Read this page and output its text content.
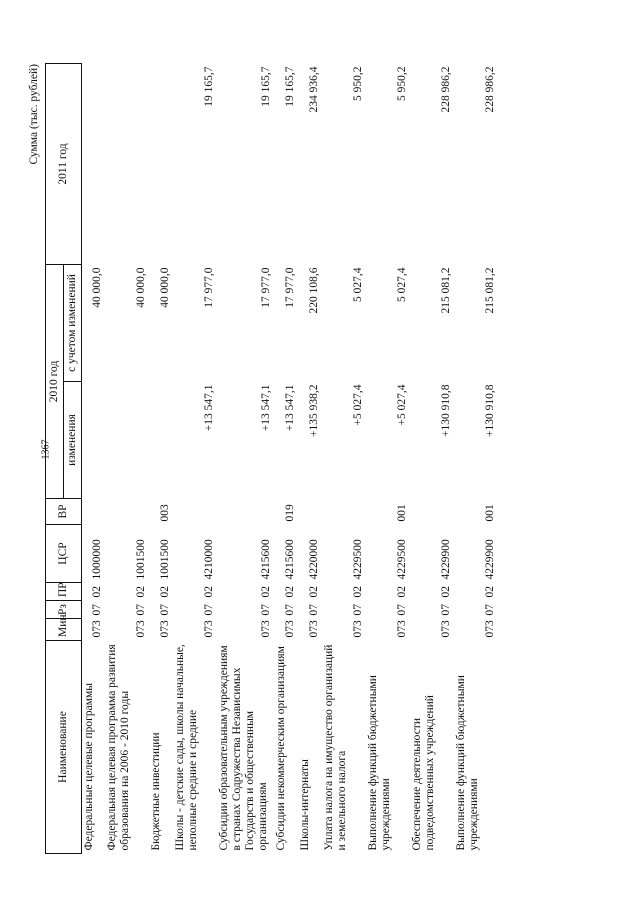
1367
Сумма (тыс. рублей)
Наименование	Мин	Рз	ПР	ЦСР	ВР	2010 год		2011 год
						изменения	с учетом изменений	
Федеральные целевые программы	073	07	02	1000000			40 000,0	
Федеральная целевая программа развития образования на 2006 - 2010 годы	073	07	02	1001500			40 000,0	
Бюджетные инвестиции	073	07	02	1001500	003		40 000,0	
Школы - детские сады, школы начальные, неполные средние и средние	073	07	02	4210000		+13 547,1	17 977,0	19 165,7
Субсидии образовательным учреждениям в странах Содружества Независимых Государств и общественным организациям	073	07	02	4215600		+13 547,1	17 977,0	19 165,7
Субсидии некоммерческим организациям	073	07	02	4215600	019	+13 547,1	17 977,0	19 165,7
Школы-интернаты	073	07	02	4220000		+135 938,2	220 108,6	234 936,4
Уплата налога на имущество организаций и земельного налога	073	07	02	4229500		+5 027,4	5 027,4	5 950,2
Выполнение функций бюджетными учреждениями	073	07	02	4229500	001	+5 027,4	5 027,4	5 950,2
Обеспечение деятельности подведомственных учреждений	073	07	02	4229900		+130 910,8	215 081,2	228 986,2
Выполнение функций бюджетными учреждениями	073	07	02	4229900	001	+130 910,8	215 081,2	228 986,2
